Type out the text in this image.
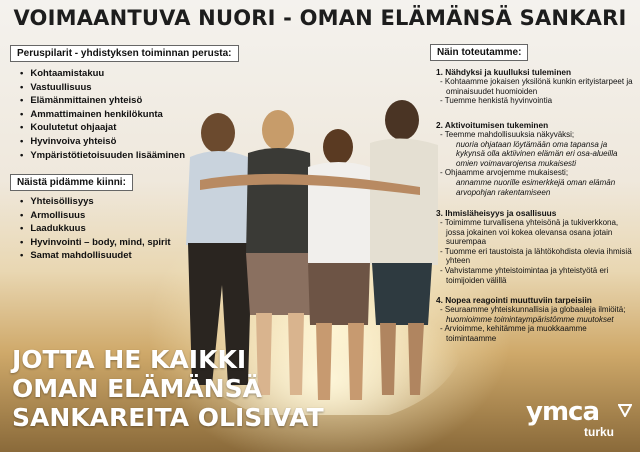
VOIMAANTUVA NUORI - OMAN ELÄMÄNSÄ SANKARI
Peruspilarit - yhdistyksen toiminnan perusta:
• Kohtaamistakuu
• Vastuullisuus
• Elämänmittainen yhteisö
• Ammattimainen henkilökunta
• Koulutetut ohjaajat
• Hyvinvoiva yhteisö
• Ympäristötietoisuuden lisääminen
Näistä pidämme kiinni:
• Yhteisöllisyys
• Armollisuus
• Laadukkuus
• Hyvinvointi – body, mind, spirit
• Samat mahdollisuudet
Näin toteutamme:
1. Nähdyksi ja kuulluksi tuleminen
- Kohtaamme jokaisen yksilönä kunkin erityistarpeet ja ominaisuudet huomioiden
- Tuemme henkistä hyvinvointia
2. Aktivoitumisen tukeminen
- Teemme mahdollisuuksia näkyväksi;
nuoria ohjataan löytämään oma tapansa ja kykynsä olla aktiivinen elämän eri osa-alueilla omien voimavarojensa mukaisesti
- Ohjaamme arvojemme mukaisesti;
annamme nuorille esimerkkejä oman elämän arvopohjan rakentamiseen
3. Ihmisläheisyys ja osallisuus
- Toimimme turvallisena yhteisönä ja tukiverkkona, jossa jokainen voi kokea olevansa osana jotain suurempaa
- Tuomme eri taustoista ja lähtökohdista olevia ihmisiä yhteen
- Vahvistamme yhteistoimintaa ja yhteistyötä eri toimijoiden välillä
4. Nopea reagointi muuttuviin tarpeisiin
- Seuraamme yhteiskunnallisia ja globaaleja ilmiöitä; huomioimme toimintaympäristömme muutokset
- Arvioimme, kehitämme ja muokkaamme toimintaamme
JOTTA HE KAIKKI
OMAN ELÄMÄNSÄ
SANKAREITA OLISIVAT	ymca
turku
